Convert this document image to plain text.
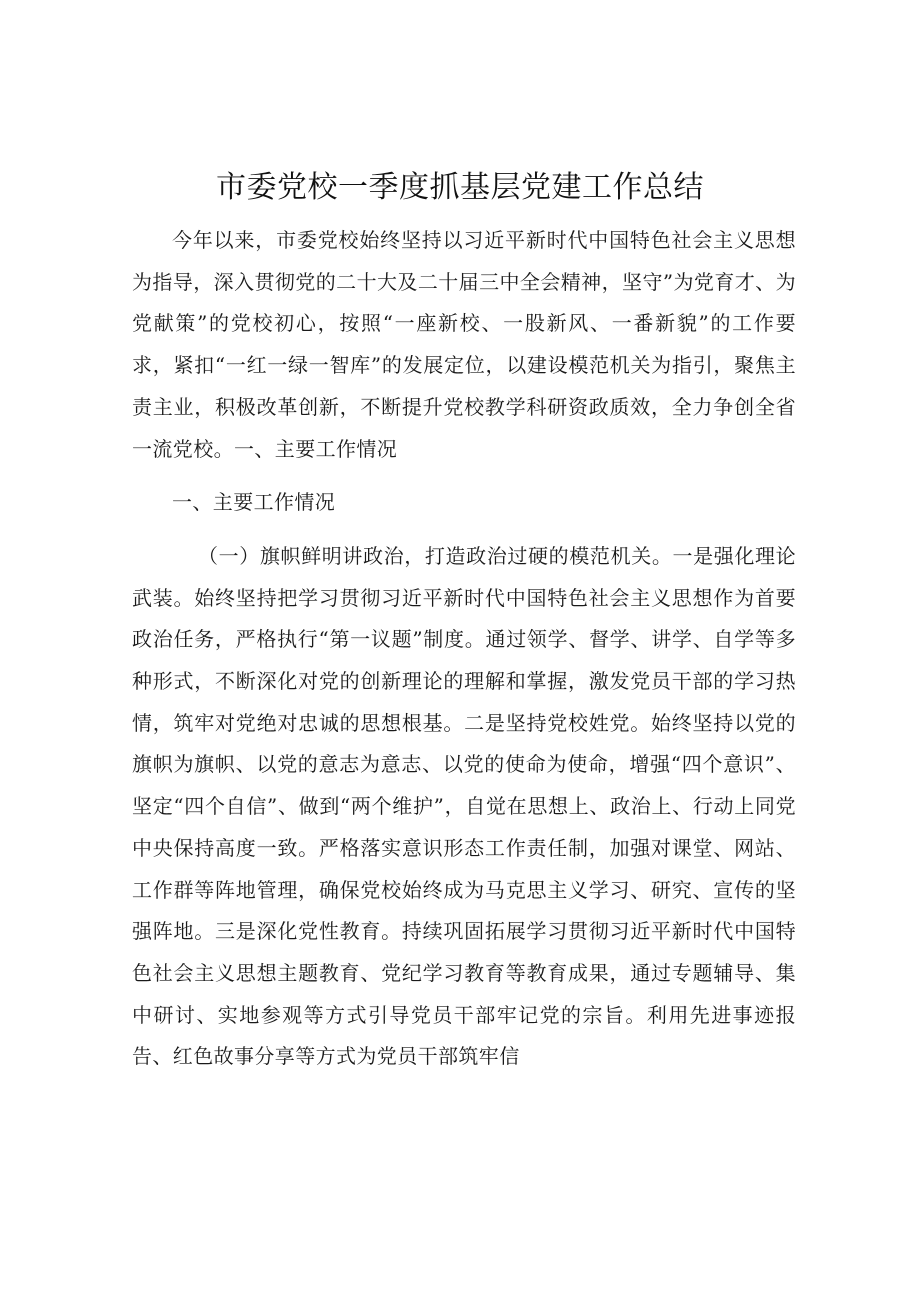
市委党校一季度抓基层党建工作总结

今年以来，市委党校始终坚持以习近平新时代中国特色社会主义思想为指导，深入贯彻党的二十大及二十届三中全会精神，坚守”为党育才、为党献策”的党校初心，按照“一座新校、一股新风、一番新貌”的工作要求，紧扣“一红一绿一智库”的发展定位，以建设模范机关为指引，聚焦主责主业，积极改革创新，不断提升党校教学科研资政质效，全力争创全省一流党校。一、主要工作情况

一、主要工作情况

（一）旗帜鲜明讲政治，打造政治过硬的模范机关。一是强化理论武装。始终坚持把学习贯彻习近平新时代中国特色社会主义思想作为首要政治任务，严格执行“第一议题”制度。通过领学、督学、讲学、自学等多种形式，不断深化对党的创新理论的理解和掌握，激发党员干部的学习热情，筑牢对党绝对忠诚的思想根基。二是坚持党校姓党。始终坚持以党的旗帜为旗帜、以党的意志为意志、以党的使命为使命，增强“四个意识”、坚定“四个自信”、做到“两个维护”，自觉在思想上、政治上、行动上同党中央保持高度一致。严格落实意识形态工作责任制，加强对课堂、网站、工作群等阵地管理，确保党校始终成为马克思主义学习、研究、宣传的坚强阵地。三是深化党性教育。持续巩固拓展学习贯彻习近平新时代中国特色社会主义思想主题教育、党纪学习教育等教育成果，通过专题辅导、集中研讨、实地参观等方式引导党员干部牢记党的宗旨。利用先进事迹报告、红色故事分享等方式为党员干部筑牢信
